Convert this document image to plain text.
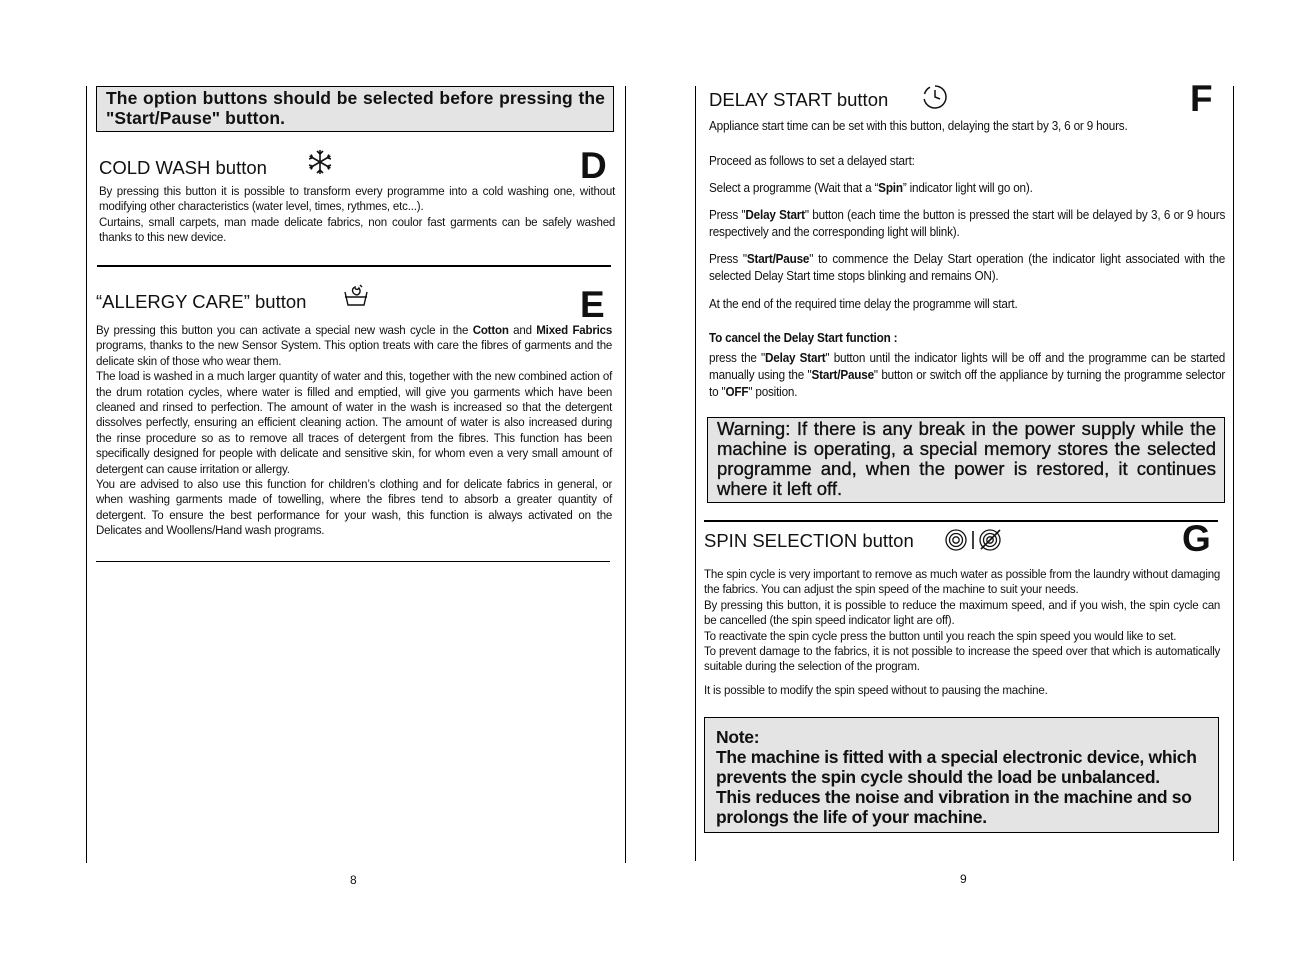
The option buttons should be selected before pressing the "Start/Pause" button.
COLD WASH button	D

By pressing this button it is possible to transform every programme into a cold washing one, without modifying other characteristics (water level, times, rythmes, etc...).

Curtains, small carpets, man made delicate fabrics, non coulor fast garments can be safely washed thanks to this new device.

“ALLERGY CARE” button	E

By pressing this button you can activate a special new wash cycle in the Cotton and Mixed Fabrics programs, thanks to the new Sensor System. This option treats with care the fibres of garments and the delicate skin of those who wear them.

The load is washed in a much larger quantity of water and this, together with the new combined action of the drum rotation cycles, where water is filled and emptied, will give you garments which have been cleaned and rinsed to perfection. The amount of water in the wash is increased so that the detergent dissolves perfectly, ensuring an efficient cleaning action. The amount of water is also increased during the rinse procedure so as to remove all traces of detergent from the fibres. This function has been specifically designed for people with delicate and sensitive skin, for whom even a very small amount of detergent can cause irritation or allergy.

You are advised to also use this function for children’s clothing and for delicate fabrics in general, or when washing garments made of towelling, where the fibres tend to absorb a greater quantity of detergent. To ensure the best performance for your wash, this function is always activated on the Delicates and Woollens/Hand wash programs.

8
DELAY START button	F
Appliance start time can be set with this button, delaying the start by 3, 6 or 9 hours.
Proceed as follows to set a delayed start:
Select a programme (Wait that a “Spin” indicator light will go on).
Press "Delay Start" button (each time the button is pressed the start will be delayed by 3, 6 or 9 hours respectively and the corresponding light will blink).
Press "Start/Pause" to commence the Delay Start operation (the indicator light associated with the selected Delay Start time stops blinking and remains ON).
At the end of the required time delay the programme will start.
To cancel the Delay Start function :
press the "Delay Start" button until the indicator lights will be off and the programme can be started manually using the "Start/Pause" button or switch off the appliance by turning the programme selector to "OFF" position.
Warning: If there is any break in the power supply while the machine is operating, a special memory stores the selected programme and, when the power is restored, it continues where it left off.
SPIN SELECTION button	G

The spin cycle is very important to remove as much water as possible from the laundry without damaging the fabrics. You can adjust the spin speed of the machine to suit your needs.

By pressing this button, it is possible to reduce the maximum speed, and if you wish, the spin cycle can be cancelled (the spin speed indicator light are off).

To reactivate the spin cycle press the button until you reach the spin speed you would like to set.

To prevent damage to the fabrics, it is not possible to increase the speed over that which is automatically suitable during the selection of the program.

It is possible to modify the spin speed without to pausing the machine.
Note:
The machine is fitted with a special electronic device, which prevents the spin cycle should the load be unbalanced.
This reduces the noise and vibration in the machine and so prolongs the life of your machine.
9
